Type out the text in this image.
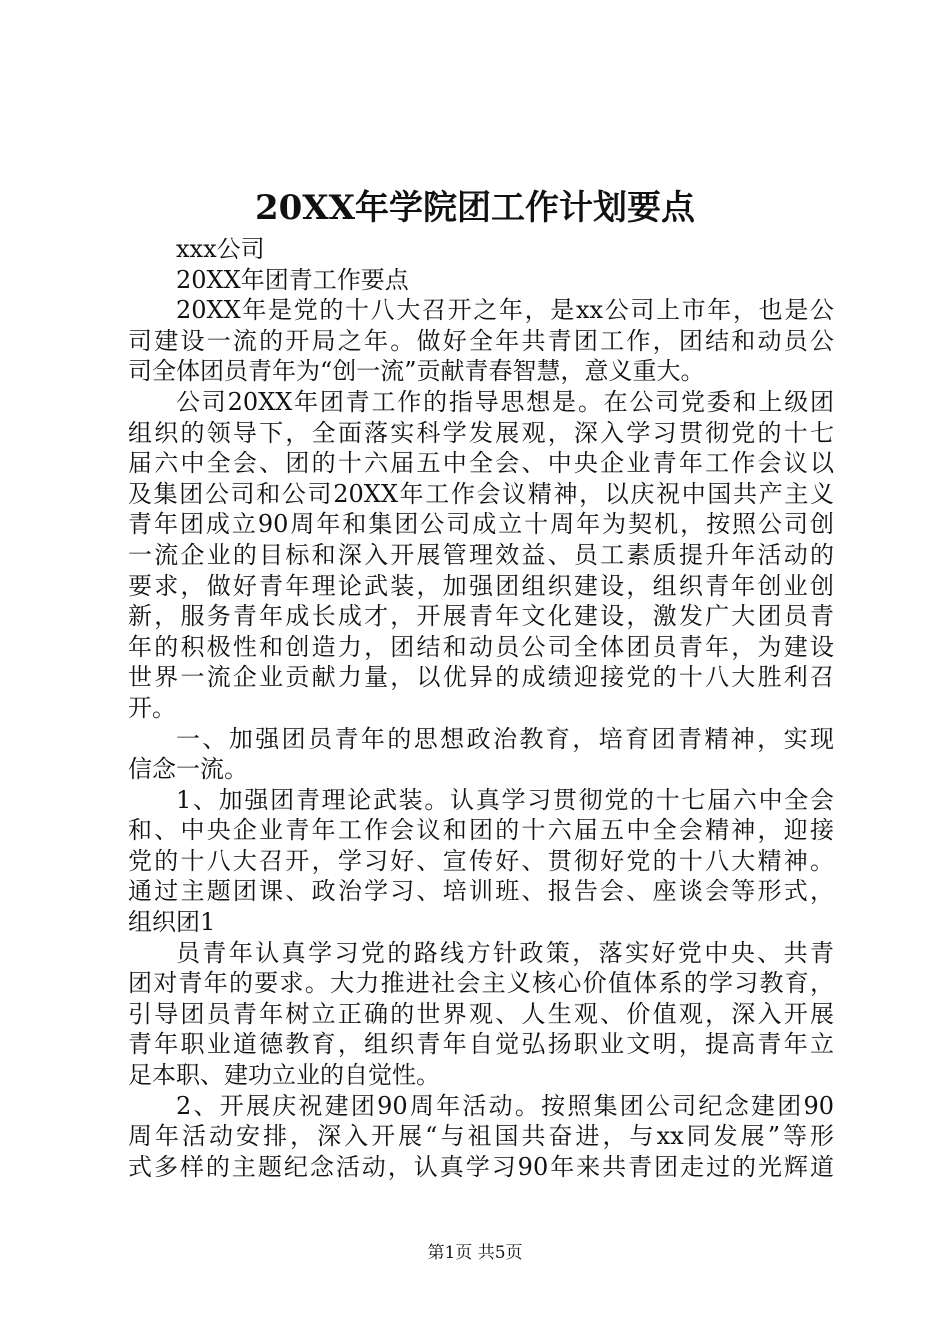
20XX年学院团工作计划要点
xxx公司
20XX年团青工作要点
20XX年是党的十八大召开之年，是xx公司上市年，也是公
司建设一流的开局之年。做好全年共青团工作，团结和动员公
司全体团员青年为“创一流”贡献青春智慧，意义重大。
公司20XX年团青工作的指导思想是。在公司党委和上级团
组织的领导下，全面落实科学发展观，深入学习贯彻党的十七
届六中全会、团的十六届五中全会、中央企业青年工作会议以
及集团公司和公司20XX年工作会议精神，以庆祝中国共产主义
青年团成立90周年和集团公司成立十周年为契机，按照公司创
一流企业的目标和深入开展管理效益、员工素质提升年活动的
要求，做好青年理论武装，加强团组织建设，组织青年创业创
新，服务青年成长成才，开展青年文化建设，激发广大团员青
年的积极性和创造力，团结和动员公司全体团员青年，为建设
世界一流企业贡献力量，以优异的成绩迎接党的十八大胜利召
开。
一、加强团员青年的思想政治教育，培育团青精神，实现
信念一流。
1、加强团青理论武装。认真学习贯彻党的十七届六中全会
和、中央企业青年工作会议和团的十六届五中全会精神，迎接
党的十八大召开，学习好、宣传好、贯彻好党的十八大精神。
通过主题团课、政治学习、培训班、报告会、座谈会等形式，
组织团1
员青年认真学习党的路线方针政策，落实好党中央、共青
团对青年的要求。大力推进社会主义核心价值体系的学习教育，
引导团员青年树立正确的世界观、人生观、价值观，深入开展
青年职业道德教育，组织青年自觉弘扬职业文明，提高青年立
足本职、建功立业的自觉性。
2、开展庆祝建团90周年活动。按照集团公司纪念建团90
周年活动安排，深入开展“与祖国共奋进，与xx同发展”等形
式多样的主题纪念活动，认真学习90年来共青团走过的光辉道
第1页 共5页
